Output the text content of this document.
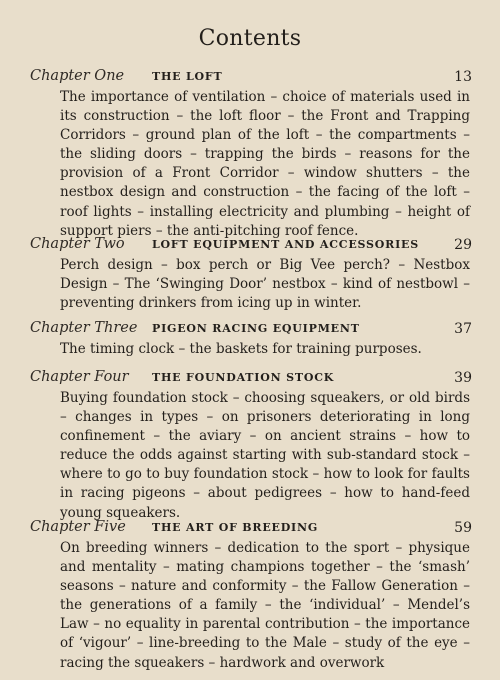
Contents
Chapter One	THE LOFT	13
The importance of ventilation – choice of materials used in its construction – the loft floor – the Front and Trapping Corridors – ground plan of the loft – the compartments – the sliding doors – trapping the birds – reasons for the provision of a Front Corridor – window shutters – the nestbox design and construction – the facing of the loft – roof lights – installing electricity and plumbing – height of support piers – the anti-pitching roof fence.
Chapter Two LOFT EQUIPMENT AND ACCESSORIES	29
Perch design – box perch or Big Vee perch? – Nestbox Design – The ‘Swinging Door’ nestbox – kind of nestbowl – preventing drinkers from icing up in winter.
Chapter Three PIGEON RACING EQUIPMENT	37
The timing clock – the baskets for training purposes.
Chapter Four THE FOUNDATION STOCK	39
Buying foundation stock – choosing squeakers, or old birds – changes in types – on prisoners deteriorating in long confinement – the aviary – on ancient strains – how to reduce the odds against starting with sub-standard stock – where to go to buy foundation stock – how to look for faults in racing pigeons – about pedigrees – how to hand-feed young squeakers.
Chapter Five THE ART OF BREEDING	59
On breeding winners – dedication to the sport – physique and mentality – mating champions together – the ‘smash’ seasons – nature and conformity – the Fallow Generation – the generations of a family – the ‘individual’ – Mendel’s Law – no equality in parental contribution – the importance of ‘vigour’ – line-breeding to the Male – study of the eye – racing the squeakers – hardwork and overwork
